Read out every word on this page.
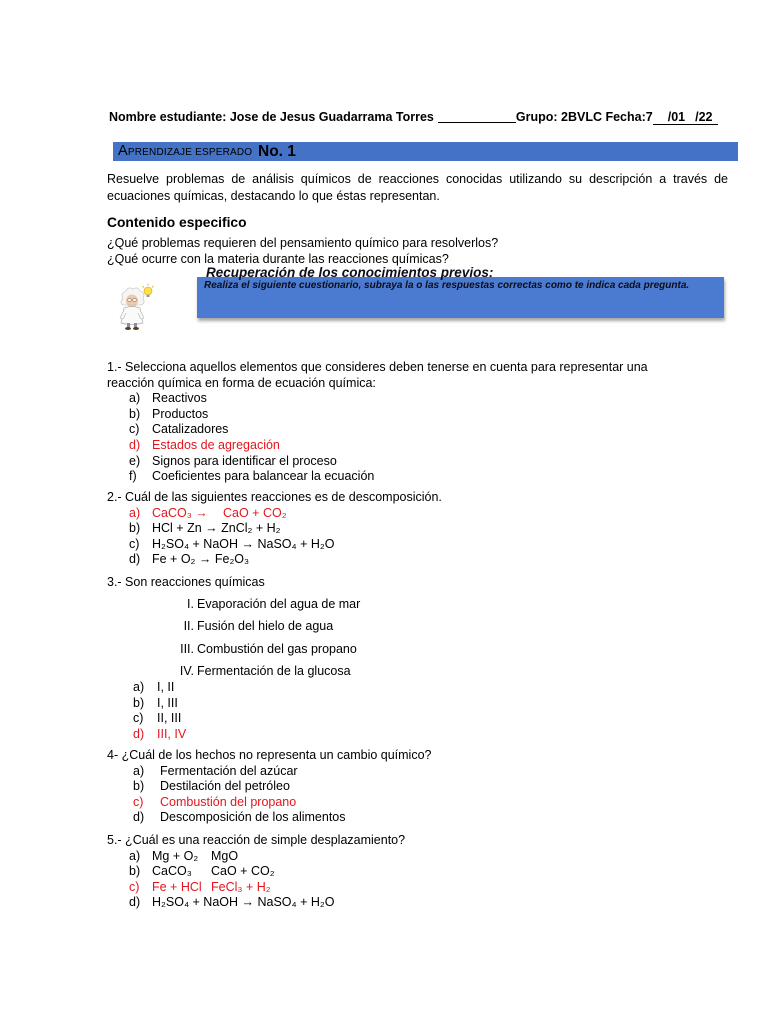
Nombre estudiante: Jose de Jesus Guadarrama Torres	Grupo: 2BVLC Fecha:7 /01 /22
APRENDIZAJE ESPERADO No. 1

Resuelve problemas de análisis químicos de reacciones conocidas utilizando su descripción a través de ecuaciones químicas, destacando lo que éstas representan.

Contenido especifico
¿Qué problemas requieren del pensamiento químico para resolverlos?
¿Qué ocurre con la materia durante las reacciones químicas?
Recuperación de los conocimientos previos:
Realiza el siguiente cuestionario, subraya la o las respuestas correctas como te indica cada pregunta.
1.- Selecciona aquellos elementos que consideres deben tenerse en cuenta para representar una reacción química en forma de ecuación química:
a) Reactivos
b) Productos
c) Catalizadores
d) Estados de agregación
e) Signos para identificar el proceso
f) Coeficientes para balancear la ecuación
2.- Cuál de las siguientes reacciones es de descomposición.
a) CaCO₃ → CaO + CO₂
b) HCl + Zn → ZnCl₂ + H₂
c) H₂SO₄ + NaOH → NaSO₄ + H₂O
d) Fe + O₂ → Fe₂O₃
3.- Son reacciones químicas
I. Evaporación del agua de mar
II. Fusión del hielo de agua
III. Combustión del gas propano
IV. Fermentación de la glucosa
a) I, II
b) I, III
c) II, III
d) III, IV
4- ¿Cuál de los hechos no representa un cambio químico?
a) Fermentación del azúcar
b) Destilación del petróleo
c) Combustión del propano
d) Descomposición de los alimentos
5.- ¿Cuál es una reacción de simple desplazamiento?
a) Mg + O₂ MgO
b) CaCO₃ CaO + CO₂
c) Fe + HCl FeCl₃ + H₂
d) H₂SO₄ + NaOH → NaSO₄ + H₂O
